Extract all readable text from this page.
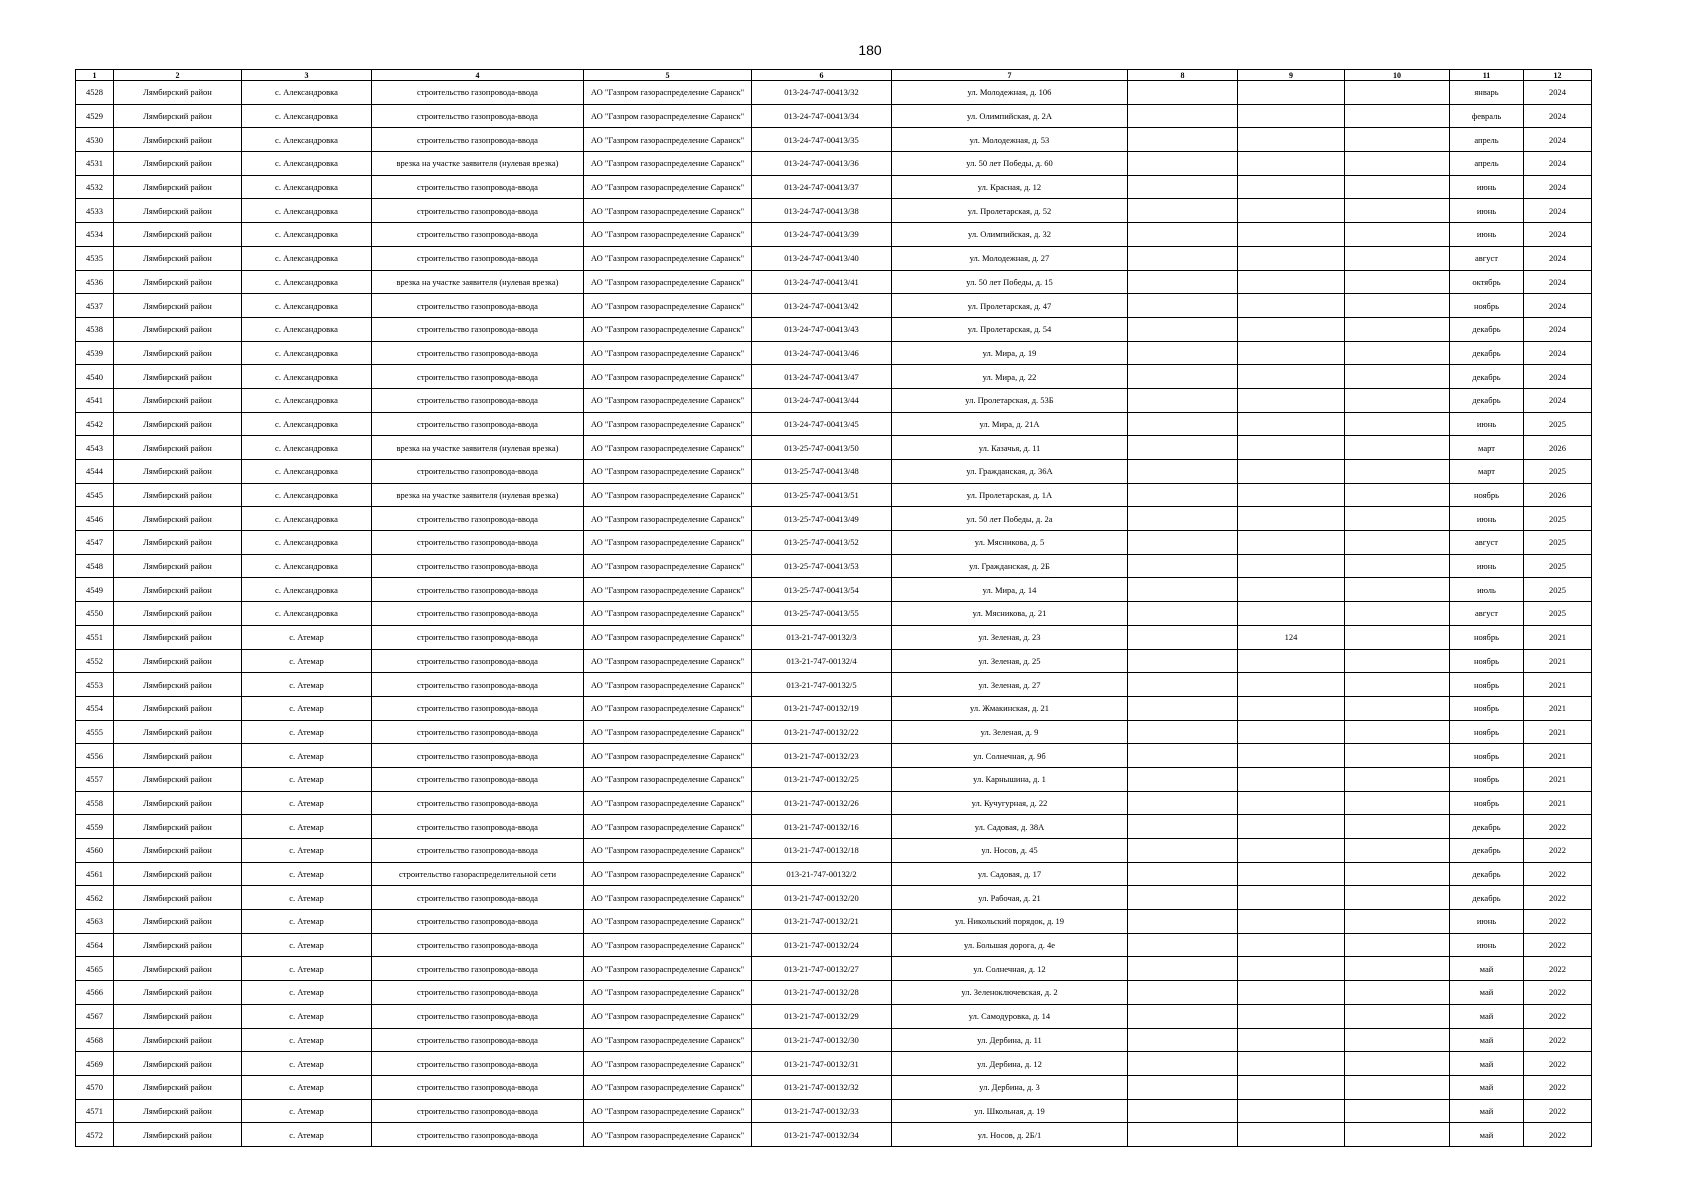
180
1	2	3	4	5	6	7	8	9	10	11	12
4528	Лямбирский район	с. Александровка	строительство газопровода-ввода	АО "Газпром газораспределение Саранск"	013-24-747-00413/32	ул. Молодежная, д. 106				январь	2024
4529	Лямбирский район	с. Александровка	строительство газопровода-ввода	АО "Газпром газораспределение Саранск"	013-24-747-00413/34	ул. Олимпийская, д. 2А				февраль	2024
4530	Лямбирский район	с. Александровка	строительство газопровода-ввода	АО "Газпром газораспределение Саранск"	013-24-747-00413/35	ул. Молодежная, д. 53				апрель	2024
4531	Лямбирский район	с. Александровка	врезка на участке заявителя (нулевая врезка)	АО "Газпром газораспределение Саранск"	013-24-747-00413/36	ул. 50 лет Победы, д. 60				апрель	2024
4532	Лямбирский район	с. Александровка	строительство газопровода-ввода	АО "Газпром газораспределение Саранск"	013-24-747-00413/37	ул. Красная, д. 12				июнь	2024
4533	Лямбирский район	с. Александровка	строительство газопровода-ввода	АО "Газпром газораспределение Саранск"	013-24-747-00413/38	ул. Пролетарская, д. 52				июнь	2024
4534	Лямбирский район	с. Александровка	строительство газопровода-ввода	АО "Газпром газораспределение Саранск"	013-24-747-00413/39	ул. Олимпийская, д. 32				июнь	2024
4535	Лямбирский район	с. Александровка	строительство газопровода-ввода	АО "Газпром газораспределение Саранск"	013-24-747-00413/40	ул. Молодежная, д. 27				август	2024
4536	Лямбирский район	с. Александровка	врезка на участке заявителя (нулевая врезка)	АО "Газпром газораспределение Саранск"	013-24-747-00413/41	ул. 50 лет Победы, д. 15				октябрь	2024
4537	Лямбирский район	с. Александровка	строительство газопровода-ввода	АО "Газпром газораспределение Саранск"	013-24-747-00413/42	ул. Пролетарская, д. 47				ноябрь	2024
4538	Лямбирский район	с. Александровка	строительство газопровода-ввода	АО "Газпром газораспределение Саранск"	013-24-747-00413/43	ул. Пролетарская, д. 54				декабрь	2024
4539	Лямбирский район	с. Александровка	строительство газопровода-ввода	АО "Газпром газораспределение Саранск"	013-24-747-00413/46	ул. Мира, д. 19				декабрь	2024
4540	Лямбирский район	с. Александровка	строительство газопровода-ввода	АО "Газпром газораспределение Саранск"	013-24-747-00413/47	ул. Мира, д. 22				декабрь	2024
4541	Лямбирский район	с. Александровка	строительство газопровода-ввода	АО "Газпром газораспределение Саранск"	013-24-747-00413/44	ул. Пролетарская, д. 53Б				декабрь	2024
4542	Лямбирский район	с. Александровка	строительство газопровода-ввода	АО "Газпром газораспределение Саранск"	013-24-747-00413/45	ул. Мира, д. 21А				июнь	2025
4543	Лямбирский район	с. Александровка	врезка на участке заявителя (нулевая врезка)	АО "Газпром газораспределение Саранск"	013-25-747-00413/50	ул. Казачья, д. 11				март	2026
4544	Лямбирский район	с. Александровка	строительство газопровода-ввода	АО "Газпром газораспределение Саранск"	013-25-747-00413/48	ул. Гражданская, д. 36А				март	2025
4545	Лямбирский район	с. Александровка	врезка на участке заявителя (нулевая врезка)	АО "Газпром газораспределение Саранск"	013-25-747-00413/51	ул. Пролетарская, д. 1А				ноябрь	2026
4546	Лямбирский район	с. Александровка	строительство газопровода-ввода	АО "Газпром газораспределение Саранск"	013-25-747-00413/49	ул. 50 лет Победы, д. 2а				июнь	2025
4547	Лямбирский район	с. Александровка	строительство газопровода-ввода	АО "Газпром газораспределение Саранск"	013-25-747-00413/52	ул. Мясникова, д. 5				август	2025
4548	Лямбирский район	с. Александровка	строительство газопровода-ввода	АО "Газпром газораспределение Саранск"	013-25-747-00413/53	ул. Гражданская, д. 2Б				июнь	2025
4549	Лямбирский район	с. Александровка	строительство газопровода-ввода	АО "Газпром газораспределение Саранск"	013-25-747-00413/54	ул. Мира, д. 14				июль	2025
4550	Лямбирский район	с. Александровка	строительство газопровода-ввода	АО "Газпром газораспределение Саранск"	013-25-747-00413/55	ул. Мясникова, д. 21				август	2025
4551	Лямбирский район	с. Атемар	строительство газопровода-ввода	АО "Газпром газораспределение Саранск"	013-21-747-00132/3	ул. Зеленая, д. 23		124		ноябрь	2021
4552	Лямбирский район	с. Атемар	строительство газопровода-ввода	АО "Газпром газораспределение Саранск"	013-21-747-00132/4	ул. Зеленая, д. 25				ноябрь	2021
4553	Лямбирский район	с. Атемар	строительство газопровода-ввода	АО "Газпром газораспределение Саранск"	013-21-747-00132/5	ул. Зеленая, д. 27				ноябрь	2021
4554	Лямбирский район	с. Атемар	строительство газопровода-ввода	АО "Газпром газораспределение Саранск"	013-21-747-00132/19	ул. Жмакинская, д. 21				ноябрь	2021
4555	Лямбирский район	с. Атемар	строительство газопровода-ввода	АО "Газпром газораспределение Саранск"	013-21-747-00132/22	ул. Зеленая, д. 9				ноябрь	2021
4556	Лямбирский район	с. Атемар	строительство газопровода-ввода	АО "Газпром газораспределение Саранск"	013-21-747-00132/23	ул. Солнечная, д. 9б				ноябрь	2021
4557	Лямбирский район	с. Атемар	строительство газопровода-ввода	АО "Газпром газораспределение Саранск"	013-21-747-00132/25	ул. Карнышина, д. 1				ноябрь	2021
4558	Лямбирский район	с. Атемар	строительство газопровода-ввода	АО "Газпром газораспределение Саранск"	013-21-747-00132/26	ул. Кучугурная, д. 22				ноябрь	2021
4559	Лямбирский район	с. Атемар	строительство газопровода-ввода	АО "Газпром газораспределение Саранск"	013-21-747-00132/16	ул. Садовая, д. 38А				декабрь	2022
4560	Лямбирский район	с. Атемар	строительство газопровода-ввода	АО "Газпром газораспределение Саранск"	013-21-747-00132/18	ул. Носов, д. 45				декабрь	2022
4561	Лямбирский район	с. Атемар	строительство газораспределительной сети	АО "Газпром газораспределение Саранск"	013-21-747-00132/2	ул. Садовая, д. 17				декабрь	2022
4562	Лямбирский район	с. Атемар	строительство газопровода-ввода	АО "Газпром газораспределение Саранск"	013-21-747-00132/20	ул. Рабочая, д. 21				декабрь	2022
4563	Лямбирский район	с. Атемар	строительство газопровода-ввода	АО "Газпром газораспределение Саранск"	013-21-747-00132/21	ул. Никольский порядок, д. 19				июнь	2022
4564	Лямбирский район	с. Атемар	строительство газопровода-ввода	АО "Газпром газораспределение Саранск"	013-21-747-00132/24	ул. Большая дорога, д. 4е				июнь	2022
4565	Лямбирский район	с. Атемар	строительство газопровода-ввода	АО "Газпром газораспределение Саранск"	013-21-747-00132/27	ул. Солнечная, д. 12				май	2022
4566	Лямбирский район	с. Атемар	строительство газопровода-ввода	АО "Газпром газораспределение Саранск"	013-21-747-00132/28	ул. Зеленоключевская, д. 2				май	2022
4567	Лямбирский район	с. Атемар	строительство газопровода-ввода	АО "Газпром газораспределение Саранск"	013-21-747-00132/29	ул. Самодуровка, д. 14				май	2022
4568	Лямбирский район	с. Атемар	строительство газопровода-ввода	АО "Газпром газораспределение Саранск"	013-21-747-00132/30	ул. Дербина, д. 11				май	2022
4569	Лямбирский район	с. Атемар	строительство газопровода-ввода	АО "Газпром газораспределение Саранск"	013-21-747-00132/31	ул. Дербина, д. 12				май	2022
4570	Лямбирский район	с. Атемар	строительство газопровода-ввода	АО "Газпром газораспределение Саранск"	013-21-747-00132/32	ул. Дербина, д. 3				май	2022
4571	Лямбирский район	с. Атемар	строительство газопровода-ввода	АО "Газпром газораспределение Саранск"	013-21-747-00132/33	ул. Школьная, д. 19				май	2022
4572	Лямбирский район	с. Атемар	строительство газопровода-ввода	АО "Газпром газораспределение Саранск"	013-21-747-00132/34	ул. Носов, д. 2Б/1				май	2022
